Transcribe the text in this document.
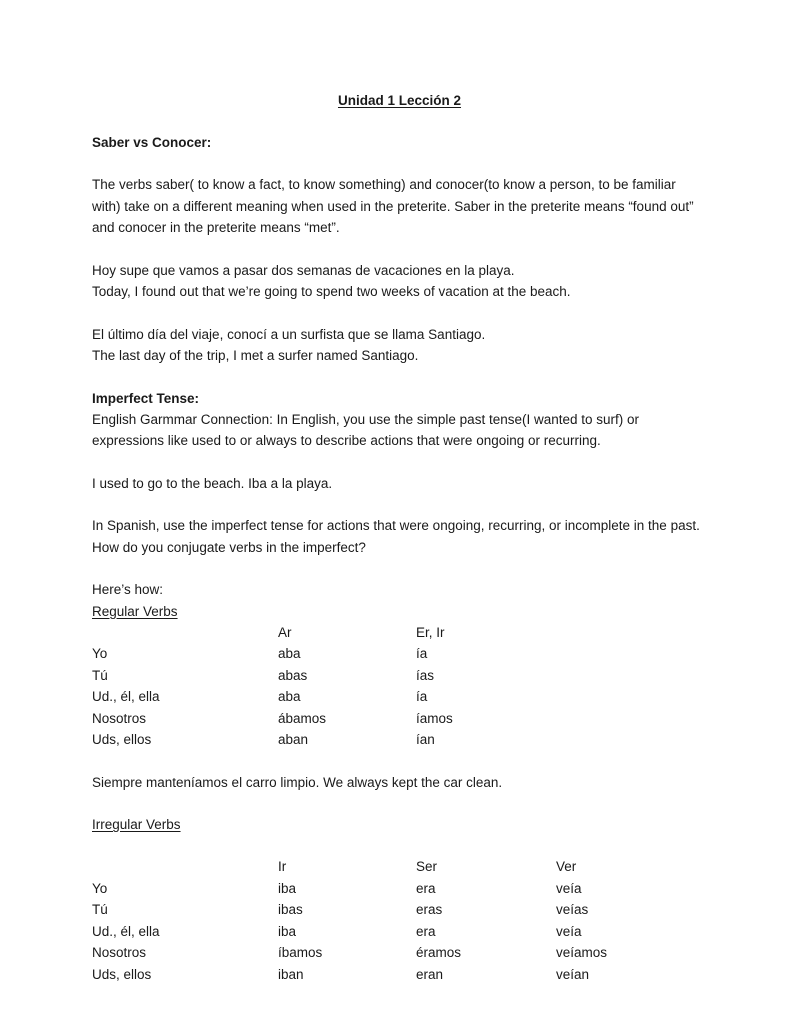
Unidad 1 Lección 2

Saber vs Conocer:

The verbs saber( to know a fact, to know something) and conocer(to know a person, to be familiar with) take on a different meaning when used in the preterite. Saber in the preterite means “found out” and conocer in the preterite means “met”.

Hoy supe que vamos a pasar dos semanas de vacaciones en la playa.

Today, I found out that we’re going to spend two weeks of vacation at the beach.

El último día del viaje, conocí a un surfista que se llama Santiago.

The last day of the trip, I met a surfer named Santiago.

Imperfect Tense:

English Garmmar Connection: In English, you use the simple past tense(I wanted to surf) or expressions like used to or always to describe actions that were ongoing or recurring.

I used to go to the beach. Iba a la playa.

In Spanish, use the imperfect tense for actions that were ongoing, recurring, or incomplete in the past. How do you conjugate verbs in the imperfect?

Here’s how:

Regular Verbs

	Ar	Er, Ir
Yo	aba	ía
Tú	abas	ías
Ud., él, ella	aba	ía
Nosotros	ábamos	íamos
Uds, ellos	aban	ían

Siempre manteníamos el carro limpio. We always kept the car clean.

Irregular Verbs

	Ir	Ser	Ver
Yo	iba	era	veía
Tú	ibas	eras	veías
Ud., él, ella	iba	era	veía
Nosotros	íbamos	éramos	veíamos
Uds, ellos	iban	eran	veían
